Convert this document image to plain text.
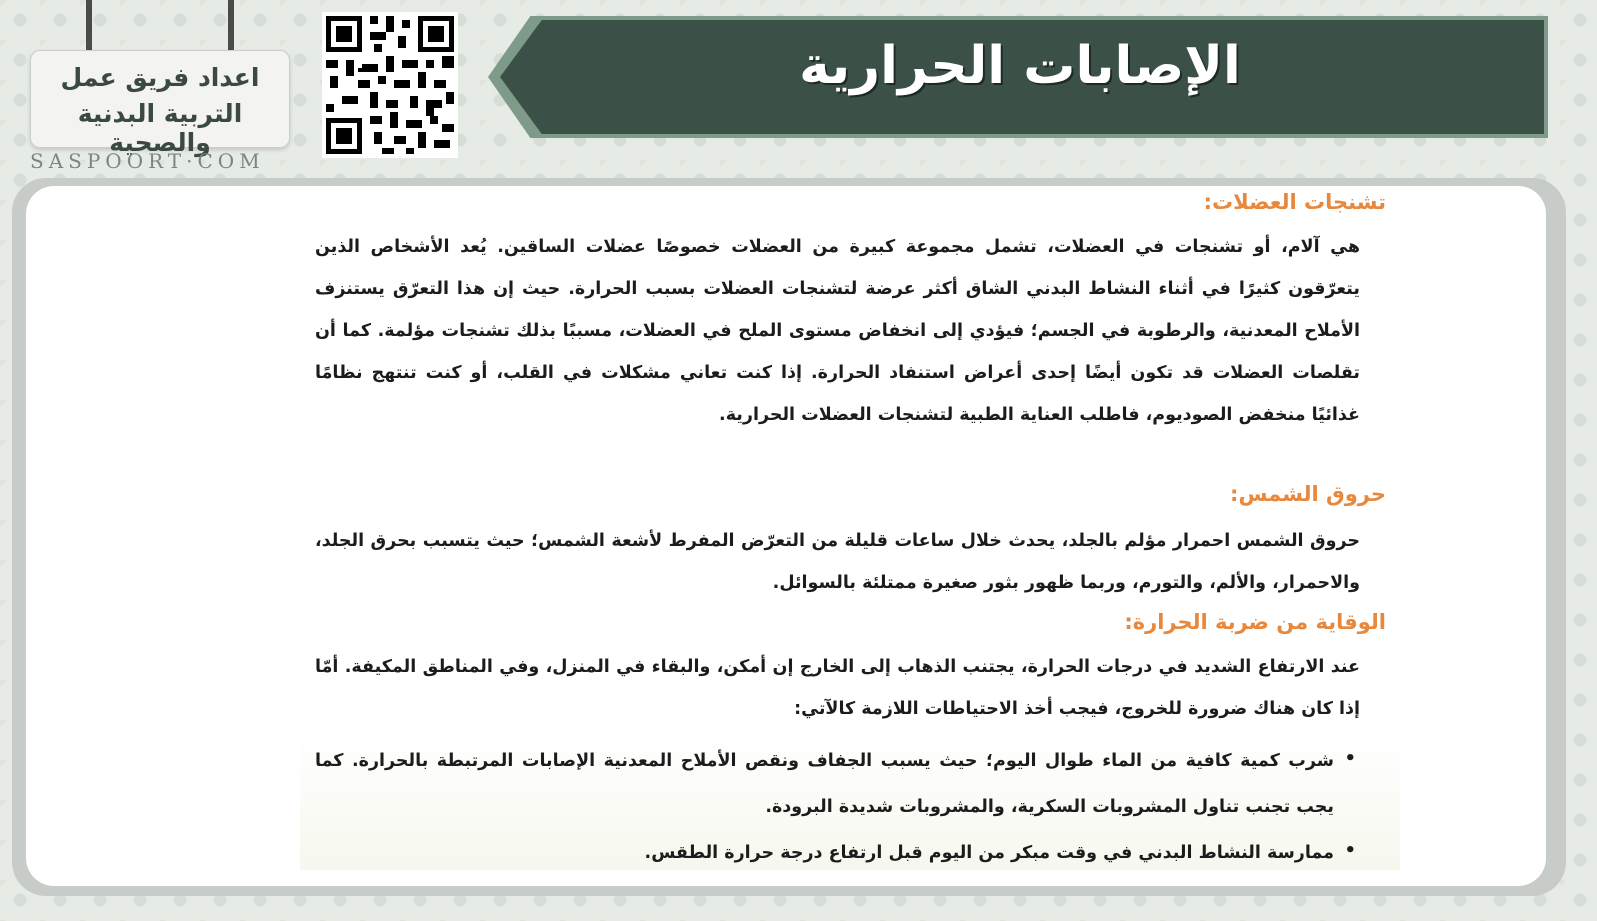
اعداد فريق عمل
التربية البدنية والصحية
SASPOORT·COM
الإصابات الحرارية
تشنجات العضلات:
هي آلام، أو تشنجات في العضلات، تشمل مجموعة كبيرة من العضلات خصوصًا عضلات الساقين. يُعد الأشخاص الذين يتعرّقون كثيرًا في أثناء النشاط البدني الشاق أكثر عرضة لتشنجات العضلات بسبب الحرارة. حيث إن هذا التعرّق يستنزف الأملاح المعدنية، والرطوبة في الجسم؛ فيؤدي إلى انخفاض مستوى الملح في العضلات، مسببًا بذلك تشنجات مؤلمة. كما أن تقلصات العضلات قد تكون أيضًا إحدى أعراض استنفاد الحرارة. إذا كنت تعاني مشكلات في القلب، أو كنت تنتهج نظامًا غذائيًا منخفض الصوديوم، فاطلب العناية الطبية لتشنجات العضلات الحرارية.
حروق الشمس:
حروق الشمس احمرار مؤلم بالجلد، يحدث خلال ساعات قليلة من التعرّض المفرط لأشعة الشمس؛ حيث يتسبب بحرق الجلد، والاحمرار، والألم، والتورم، وربما ظهور بثور صغيرة ممتلئة بالسوائل.
الوقاية من ضربة الحرارة:
عند الارتفاع الشديد في درجات الحرارة، يجتنب الذهاب إلى الخارج إن أمكن، والبقاء في المنزل، وفي المناطق المكيفة. أمّا إذا كان هناك ضرورة للخروج، فيجب أخذ الاحتياطات اللازمة كالآتي:
•
شرب كمية كافية من الماء طوال اليوم؛ حيث يسبب الجفاف ونقص الأملاح المعدنية الإصابات المرتبطة بالحرارة. كما يجب تجنب تناول المشروبات السكرية، والمشروبات شديدة البرودة.
•
ممارسة النشاط البدني في وقت مبكر من اليوم قبل ارتفاع درجة حرارة الطقس.
